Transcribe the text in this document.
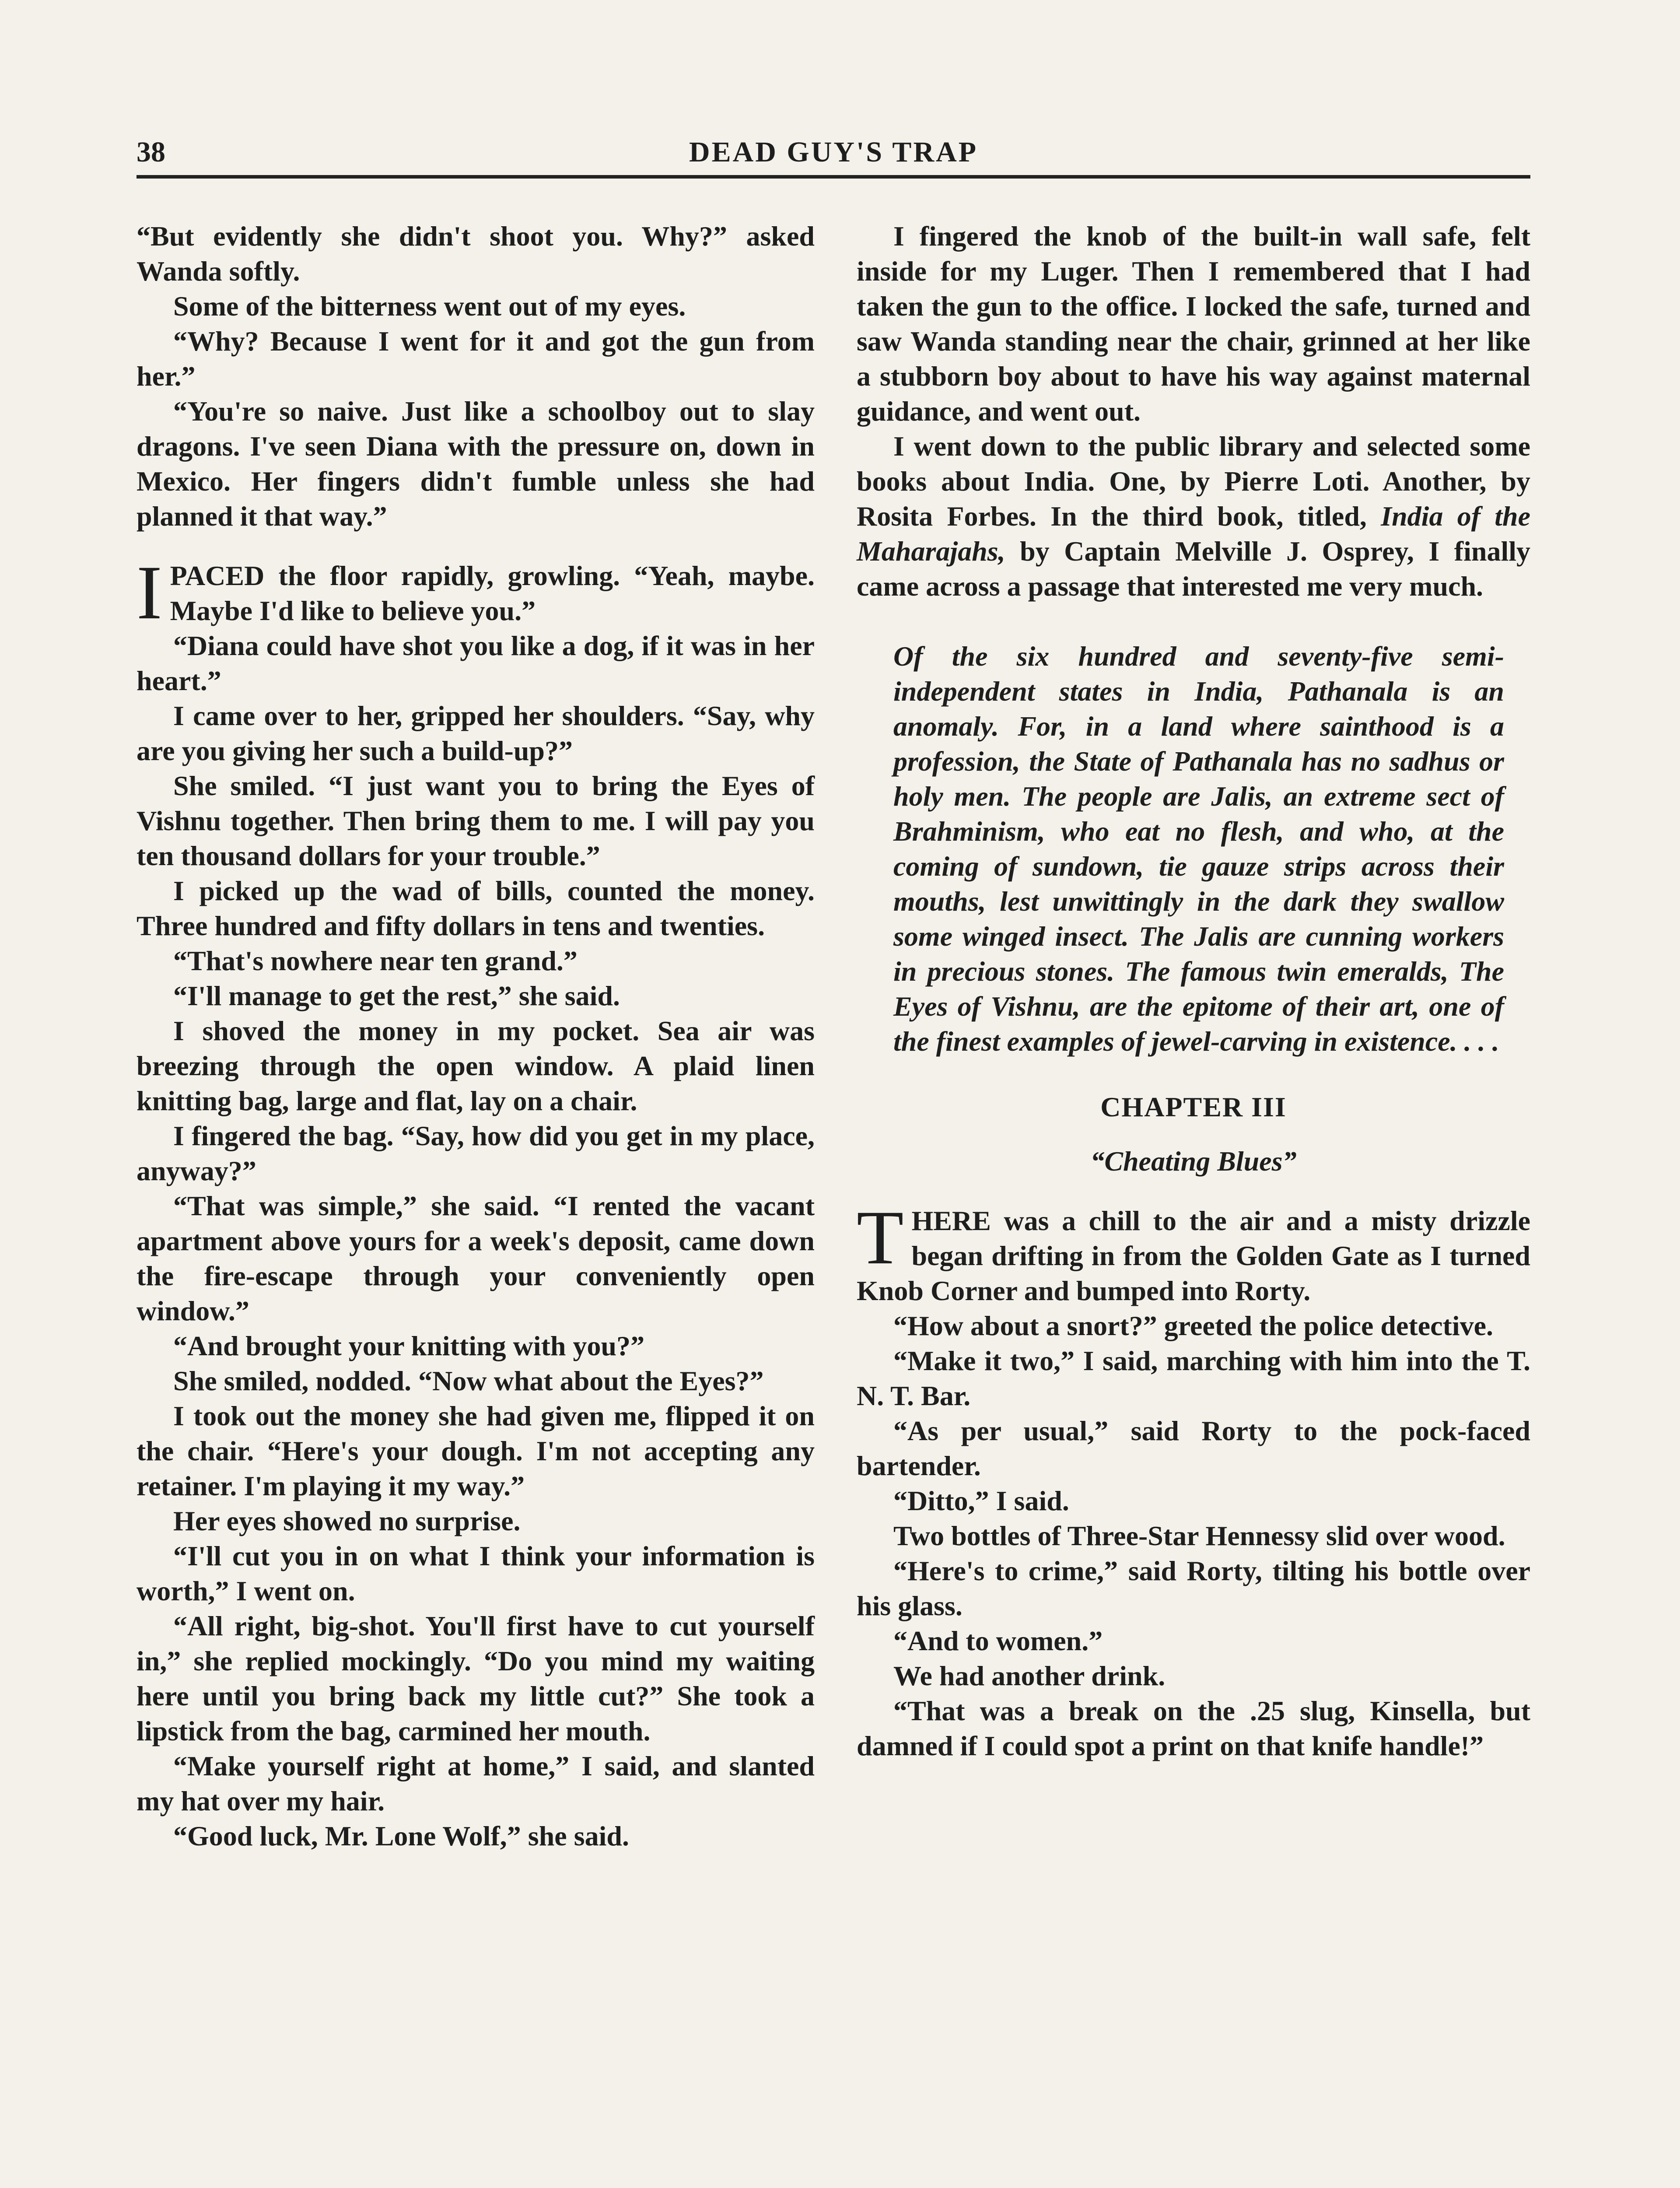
38	DEAD GUY'S TRAP

“But evidently she didn't shoot you. Why?” asked Wanda softly.

Some of the bitterness went out of my eyes.

“Why? Because I went for it and got the gun from her.”

“You're so naive. Just like a schoolboy out to slay dragons. I've seen Diana with the pressure on, down in Mexico. Her fingers didn't fumble unless she had planned it that way.”

I PACED the floor rapidly, growling. “Yeah, maybe. Maybe I'd like to believe you.”

“Diana could have shot you like a dog, if it was in her heart.”

I came over to her, gripped her shoulders. “Say, why are you giving her such a build-up?”

She smiled. “I just want you to bring the Eyes of Vishnu together. Then bring them to me. I will pay you ten thousand dollars for your trouble.”

I picked up the wad of bills, counted the money. Three hundred and fifty dollars in tens and twenties.

“That's nowhere near ten grand.”

“I'll manage to get the rest,” she said.

I shoved the money in my pocket. Sea air was breezing through the open window. A plaid linen knitting bag, large and flat, lay on a chair.

I fingered the bag. “Say, how did you get in my place, anyway?”

“That was simple,” she said. “I rented the vacant apartment above yours for a week's deposit, came down the fire-escape through your conveniently open window.”

“And brought your knitting with you?”

She smiled, nodded. “Now what about the Eyes?”

I took out the money she had given me, flipped it on the chair. “Here's your dough. I'm not accepting any retainer. I'm playing it my way.”

Her eyes showed no surprise.

“I'll cut you in on what I think your information is worth,” I went on.

“All right, big-shot. You'll first have to cut yourself in,” she replied mockingly. “Do you mind my waiting here until you bring back my little cut?” She took a lipstick from the bag, carmined her mouth.

“Make yourself right at home,” I said, and slanted my hat over my hair.

“Good luck, Mr. Lone Wolf,” she said.

I fingered the knob of the built-in wall safe, felt inside for my Luger. Then I remembered that I had taken the gun to the office. I locked the safe, turned and saw Wanda standing near the chair, grinned at her like a stubborn boy about to have his way against maternal guidance, and went out.

I went down to the public library and selected some books about India. One, by Pierre Loti. Another, by Rosita Forbes. In the third book, titled, India of the Maharajahs, by Captain Melville J. Osprey, I finally came across a passage that interested me very much.

Of the six hundred and seventy-five semi-independent states in India, Pathanala is an anomaly. For, in a land where sainthood is a profession, the State of Pathanala has no sadhus or holy men. The people are Jalis, an extreme sect of Brahminism, who eat no flesh, and who, at the coming of sundown, tie gauze strips across their mouths, lest unwittingly in the dark they swallow some winged insect. The Jalis are cunning workers in precious stones. The famous twin emeralds, The Eyes of Vishnu, are the epitome of their art, one of the finest examples of jewel-carving in existence. . . .
CHAPTER III
“Cheating Blues”

THERE was a chill to the air and a misty drizzle began drifting in from the Golden Gate as I turned Knob Corner and bumped into Rorty.

“How about a snort?” greeted the police detective.

“Make it two,” I said, marching with him into the T. N. T. Bar.

“As per usual,” said Rorty to the pock-faced bartender.

“Ditto,” I said.

Two bottles of Three-Star Hennessy slid over wood.

“Here's to crime,” said Rorty, tilting his bottle over his glass.

“And to women.”

We had another drink.

“That was a break on the .25 slug, Kinsella, but damned if I could spot a print on that knife handle!”
